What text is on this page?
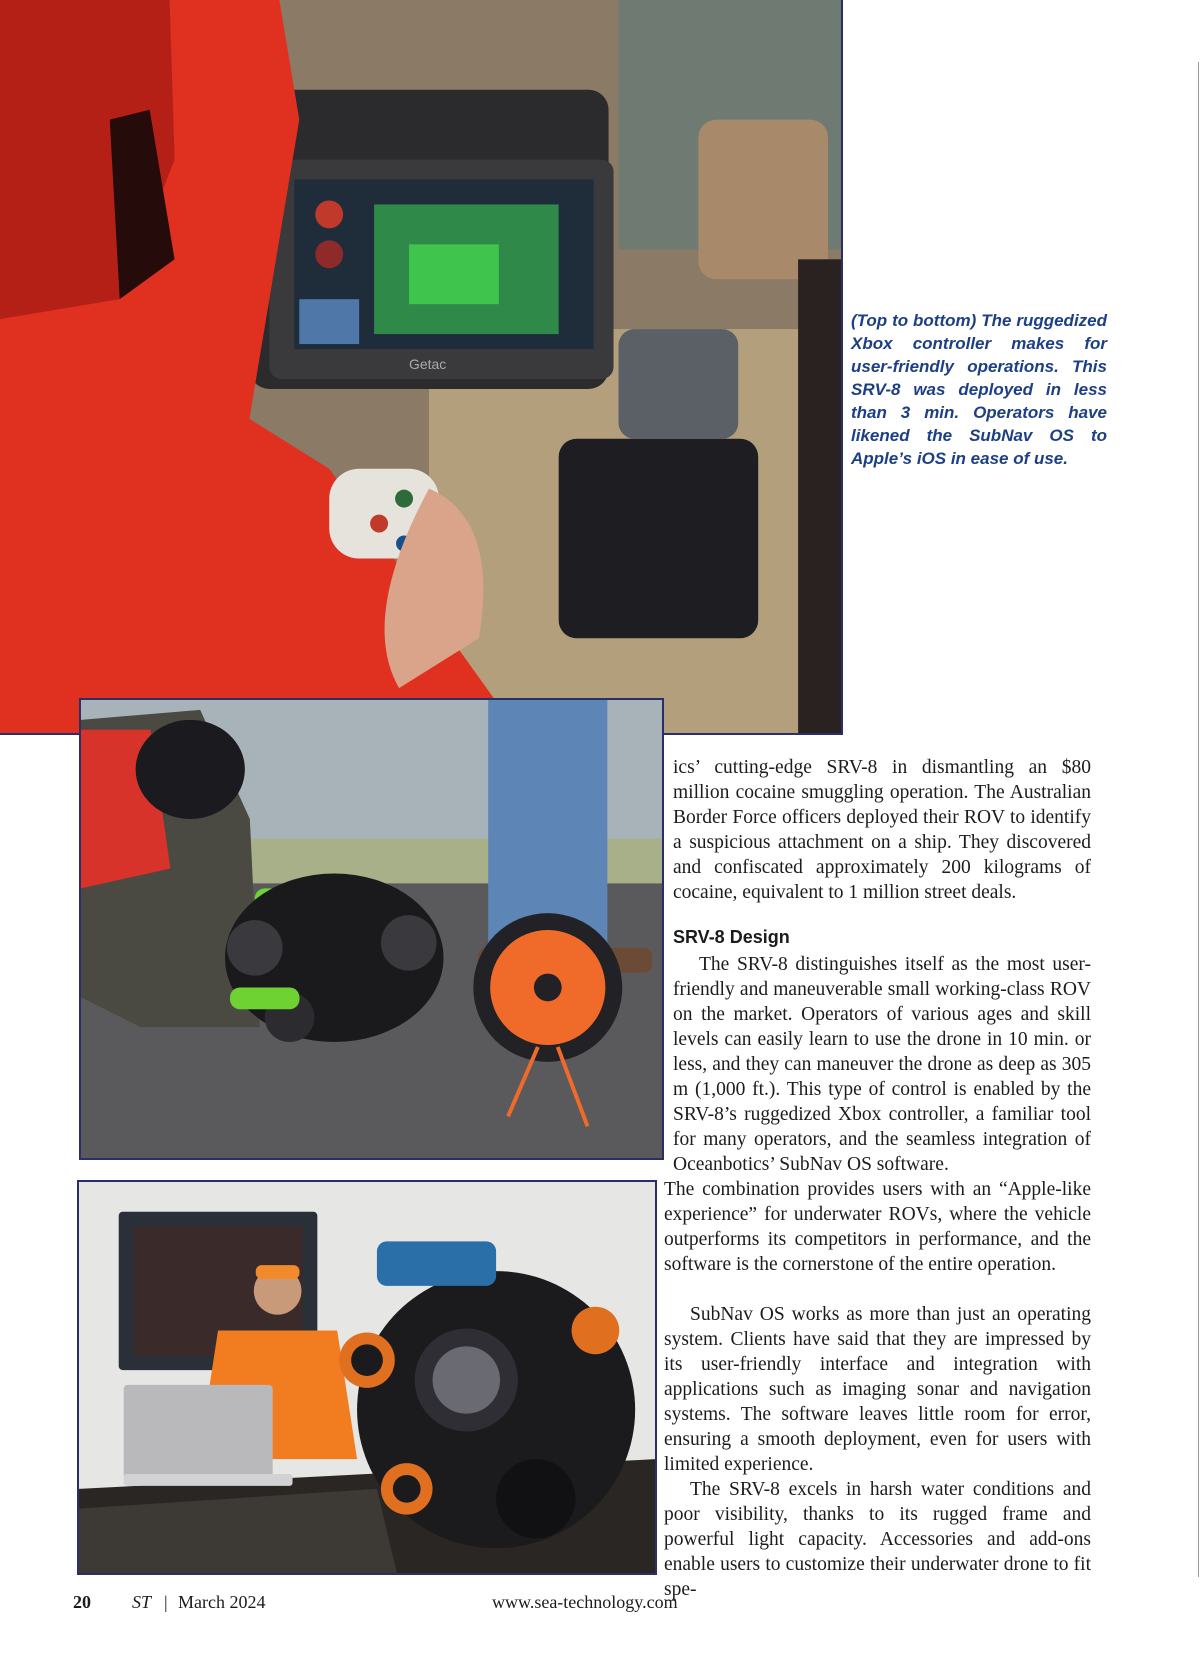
Getac
(Top to bottom) The ruggedized Xbox controller makes for user-friendly operations. This SRV-8 was deployed in less than 3 min. Operators have likened the SubNav OS to Apple’s iOS in ease of use.

ics’ cutting-edge SRV-8 in dismantling an $80 million cocaine smuggling operation. The Australian Border Force officers deployed their ROV to identify a suspicious attachment on a ship. They discovered and confiscated approximately 200 kilograms of cocaine, equivalent to 1 million street deals.

SRV-8 Design

The SRV-8 distinguishes itself as the most user-friendly and maneuverable small working-class ROV on the market. Operators of various ages and skill levels can easily learn to use the drone in 10 min. or less, and they can maneuver the drone as deep as 305 m (1,000 ft.). This type of control is enabled by the SRV-8’s ruggedized Xbox controller, a familiar tool for many operators, and the seamless integration of Oceanbotics’ SubNav OS software.

The combination provides users with an “Apple-like experience” for underwater ROVs, where the vehicle outperforms its competitors in performance, and the software is the cornerstone of the entire operation.

SubNav OS works as more than just an operating system. Clients have said that they are impressed by its user-friendly interface and integration with applications such as imaging sonar and navigation systems. The software leaves little room for error, ensuring a smooth deployment, even for users with limited experience.

The SRV-8 excels in harsh water conditions and poor visibility, thanks to its rugged frame and powerful light capacity. Accessories and add-ons enable users to customize their underwater drone to fit spe-

20 ST | March 2024	www.sea-technology.com
